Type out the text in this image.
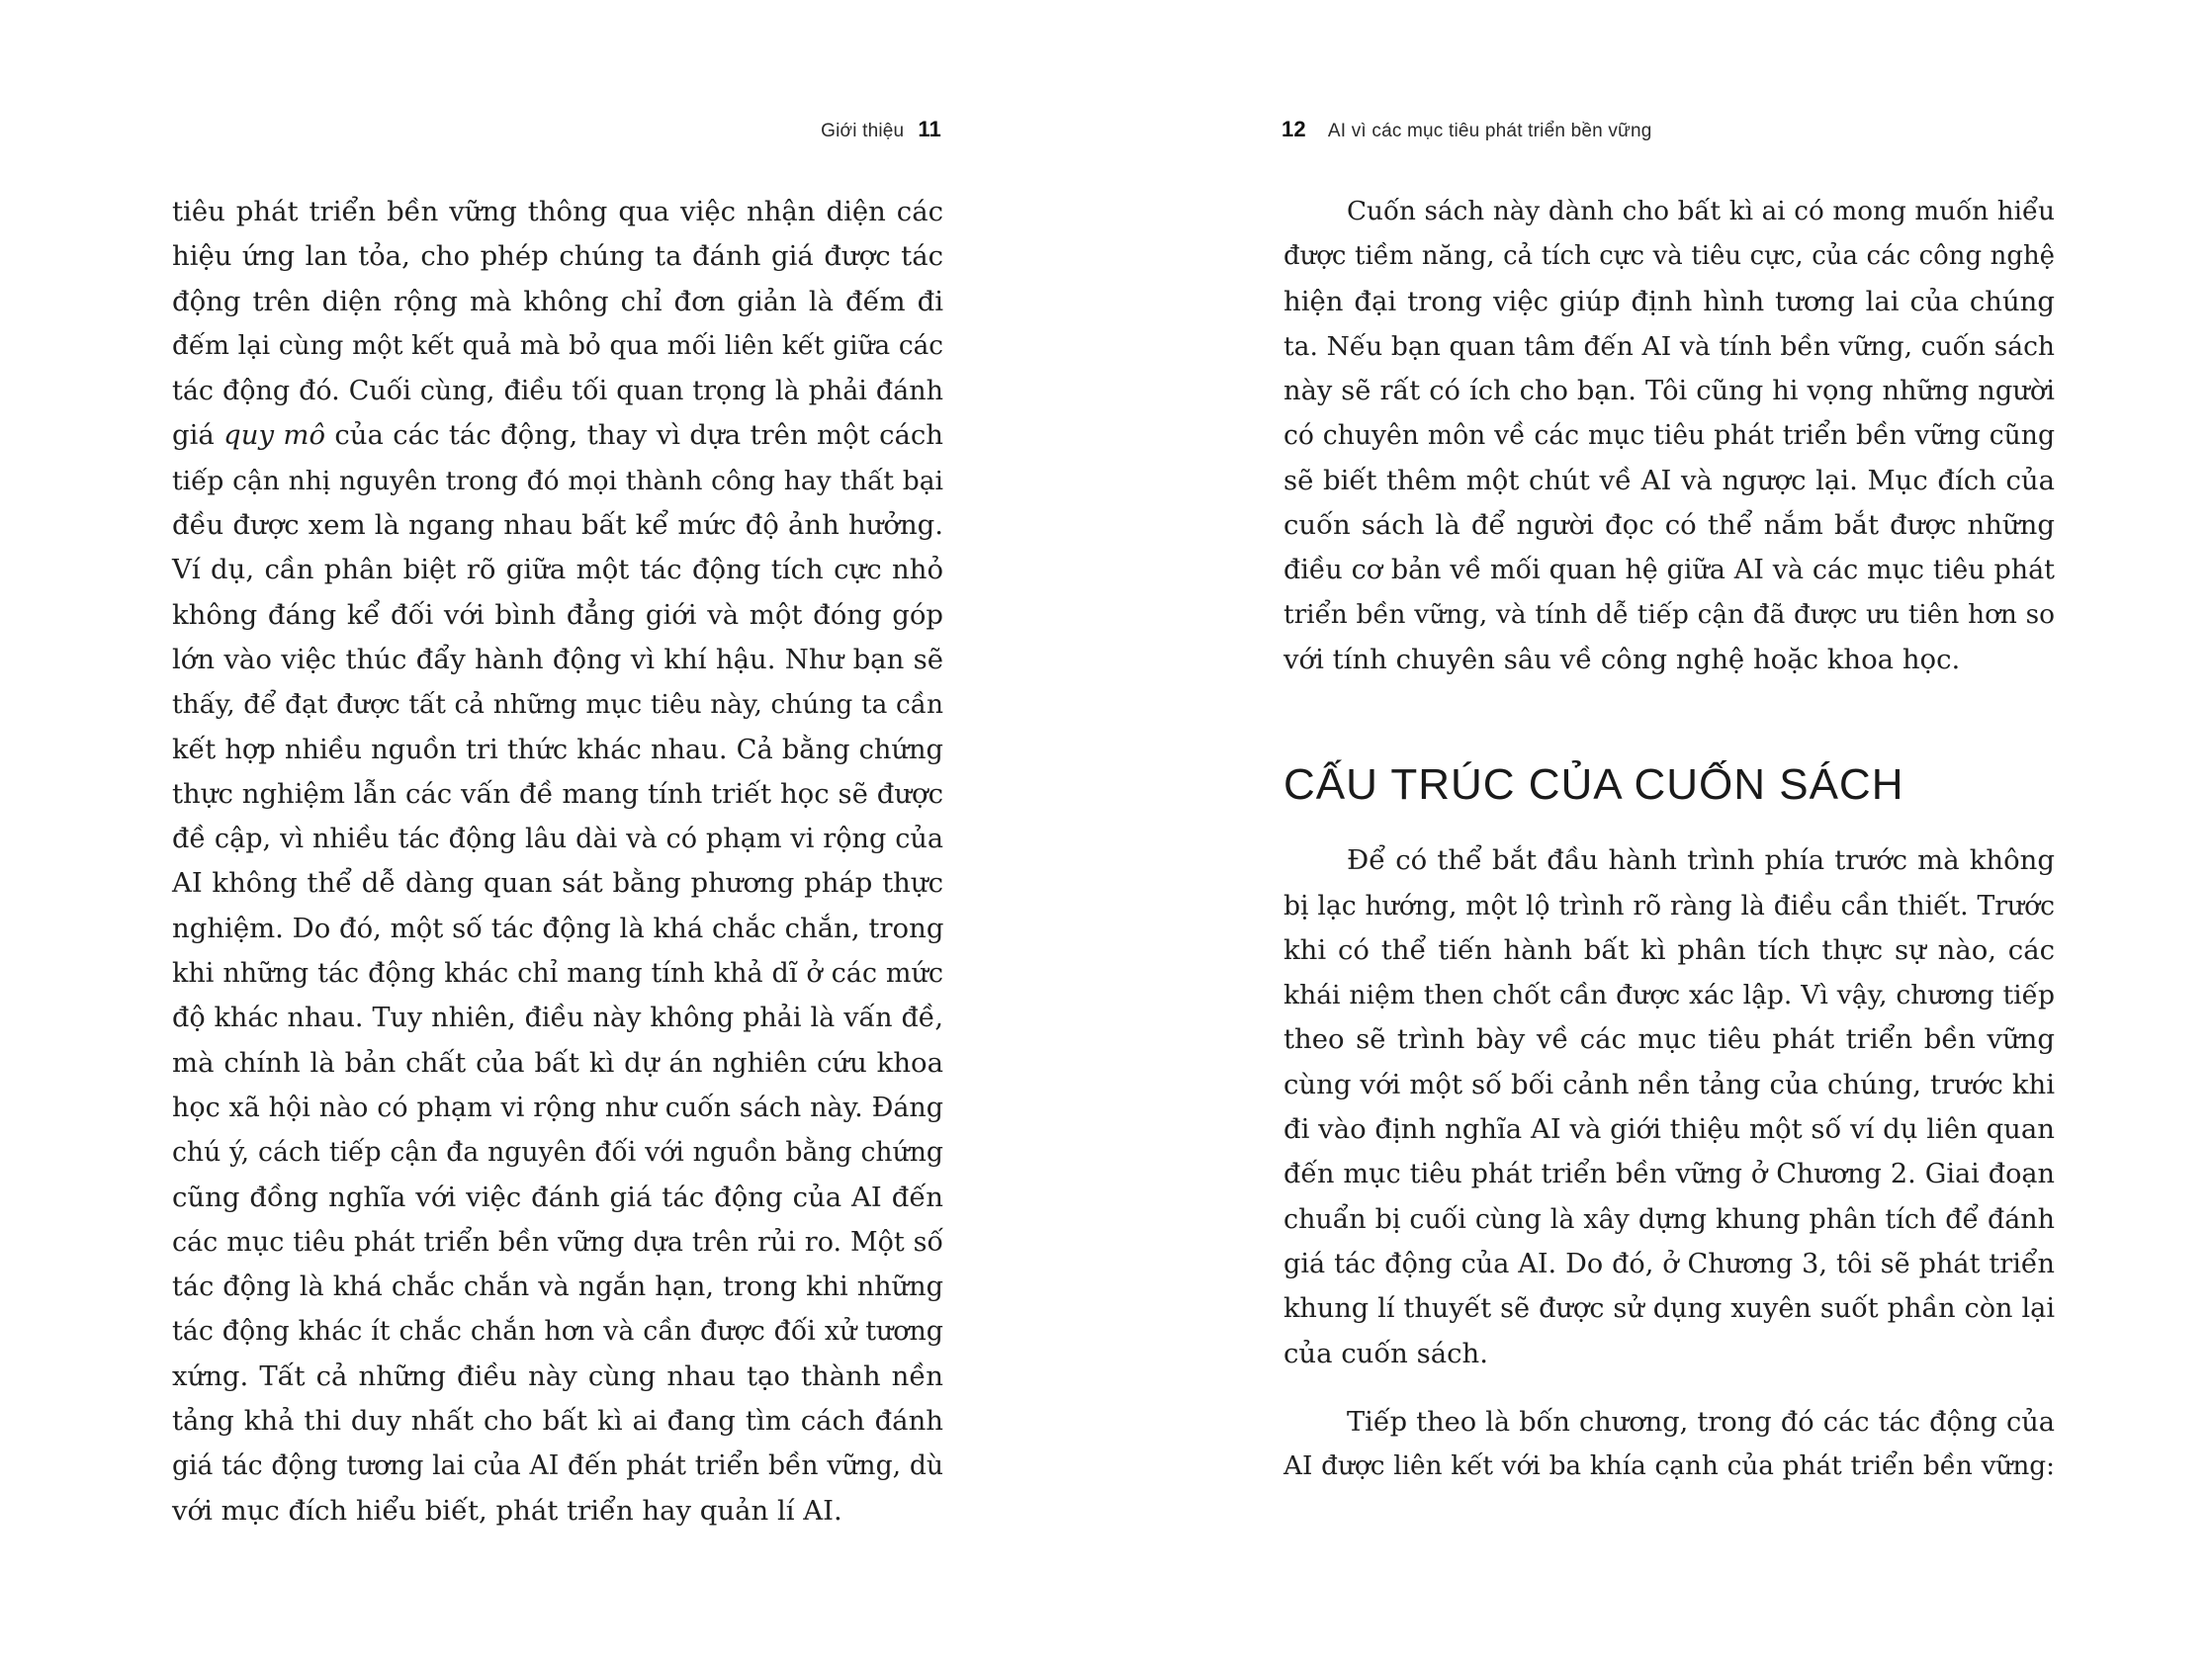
Giới thiệu 11
tiêu phát triển bền vững thông qua việc nhận diện các
hiệu ứng lan tỏa, cho phép chúng ta đánh giá được tác
động trên diện rộng mà không chỉ đơn giản là đếm đi
đếm lại cùng một kết quả mà bỏ qua mối liên kết giữa các
tác động đó. Cuối cùng, điều tối quan trọng là phải đánh
giá quy mô của các tác động, thay vì dựa trên một cách
tiếp cận nhị nguyên trong đó mọi thành công hay thất bại
đều được xem là ngang nhau bất kể mức độ ảnh hưởng.
Ví dụ, cần phân biệt rõ giữa một tác động tích cực nhỏ
không đáng kể đối với bình đẳng giới và một đóng góp
lớn vào việc thúc đẩy hành động vì khí hậu. Như bạn sẽ
thấy, để đạt được tất cả những mục tiêu này, chúng ta cần
kết hợp nhiều nguồn tri thức khác nhau. Cả bằng chứng
thực nghiệm lẫn các vấn đề mang tính triết học sẽ được
đề cập, vì nhiều tác động lâu dài và có phạm vi rộng của
AI không thể dễ dàng quan sát bằng phương pháp thực
nghiệm. Do đó, một số tác động là khá chắc chắn, trong
khi những tác động khác chỉ mang tính khả dĩ ở các mức
độ khác nhau. Tuy nhiên, điều này không phải là vấn đề,
mà chính là bản chất của bất kì dự án nghiên cứu khoa
học xã hội nào có phạm vi rộng như cuốn sách này. Đáng
chú ý, cách tiếp cận đa nguyên đối với nguồn bằng chứng
cũng đồng nghĩa với việc đánh giá tác động của AI đến
các mục tiêu phát triển bền vững dựa trên rủi ro. Một số
tác động là khá chắc chắn và ngắn hạn, trong khi những
tác động khác ít chắc chắn hơn và cần được đối xử tương
xứng. Tất cả những điều này cùng nhau tạo thành nền
tảng khả thi duy nhất cho bất kì ai đang tìm cách đánh
giá tác động tương lai của AI đến phát triển bền vững, dù
với mục đích hiểu biết, phát triển hay quản lí AI.
12 AI vì các mục tiêu phát triển bền vững
Cuốn sách này dành cho bất kì ai có mong muốn hiểu
được tiềm năng, cả tích cực và tiêu cực, của các công nghệ
hiện đại trong việc giúp định hình tương lai của chúng
ta. Nếu bạn quan tâm đến AI và tính bền vững, cuốn sách
này sẽ rất có ích cho bạn. Tôi cũng hi vọng những người
có chuyên môn về các mục tiêu phát triển bền vững cũng
sẽ biết thêm một chút về AI và ngược lại. Mục đích của
cuốn sách là để người đọc có thể nắm bắt được những
điều cơ bản về mối quan hệ giữa AI và các mục tiêu phát
triển bền vững, và tính dễ tiếp cận đã được ưu tiên hơn so
với tính chuyên sâu về công nghệ hoặc khoa học.
CẤU TRÚC CỦA CUỐN SÁCH
Để có thể bắt đầu hành trình phía trước mà không
bị lạc hướng, một lộ trình rõ ràng là điều cần thiết. Trước
khi có thể tiến hành bất kì phân tích thực sự nào, các
khái niệm then chốt cần được xác lập. Vì vậy, chương tiếp
theo sẽ trình bày về các mục tiêu phát triển bền vững
cùng với một số bối cảnh nền tảng của chúng, trước khi
đi vào định nghĩa AI và giới thiệu một số ví dụ liên quan
đến mục tiêu phát triển bền vững ở Chương 2. Giai đoạn
chuẩn bị cuối cùng là xây dựng khung phân tích để đánh
giá tác động của AI. Do đó, ở Chương 3, tôi sẽ phát triển
khung lí thuyết sẽ được sử dụng xuyên suốt phần còn lại
của cuốn sách.
Tiếp theo là bốn chương, trong đó các tác động của
AI được liên kết với ba khía cạnh của phát triển bền vững:
